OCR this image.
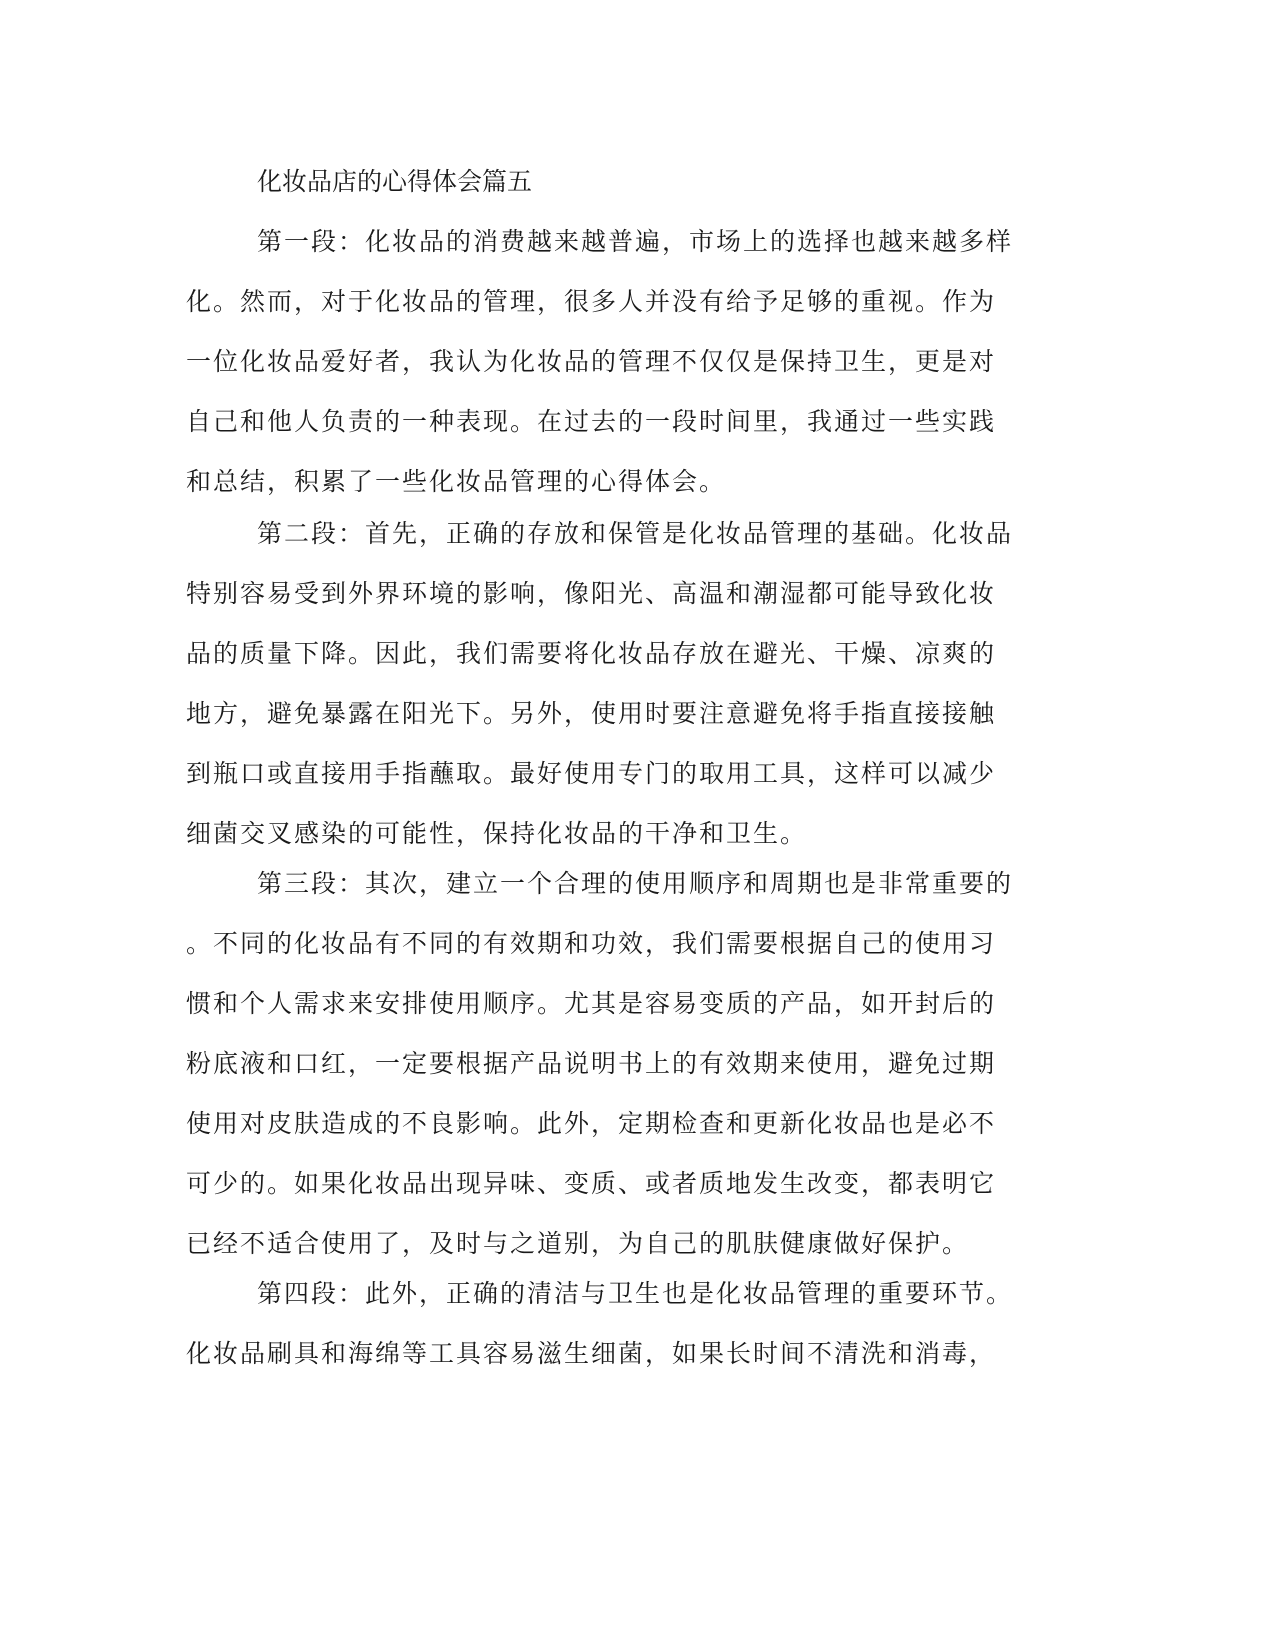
化妆品店的心得体会篇五
第一段：化妆品的消费越来越普遍，市场上的选择也越来越多样
化。然而，对于化妆品的管理，很多人并没有给予足够的重视。作为
一位化妆品爱好者，我认为化妆品的管理不仅仅是保持卫生，更是对
自己和他人负责的一种表现。在过去的一段时间里，我通过一些实践
和总结，积累了一些化妆品管理的心得体会。
第二段：首先，正确的存放和保管是化妆品管理的基础。化妆品
特别容易受到外界环境的影响，像阳光、高温和潮湿都可能导致化妆
品的质量下降。因此，我们需要将化妆品存放在避光、干燥、凉爽的
地方，避免暴露在阳光下。另外，使用时要注意避免将手指直接接触
到瓶口或直接用手指蘸取。最好使用专门的取用工具，这样可以减少
细菌交叉感染的可能性，保持化妆品的干净和卫生。
第三段：其次，建立一个合理的使用顺序和周期也是非常重要的
。不同的化妆品有不同的有效期和功效，我们需要根据自己的使用习
惯和个人需求来安排使用顺序。尤其是容易变质的产品，如开封后的
粉底液和口红，一定要根据产品说明书上的有效期来使用，避免过期
使用对皮肤造成的不良影响。此外，定期检查和更新化妆品也是必不
可少的。如果化妆品出现异味、变质、或者质地发生改变，都表明它
已经不适合使用了，及时与之道别，为自己的肌肤健康做好保护。
第四段：此外，正确的清洁与卫生也是化妆品管理的重要环节。
化妆品刷具和海绵等工具容易滋生细菌，如果长时间不清洗和消毒，
